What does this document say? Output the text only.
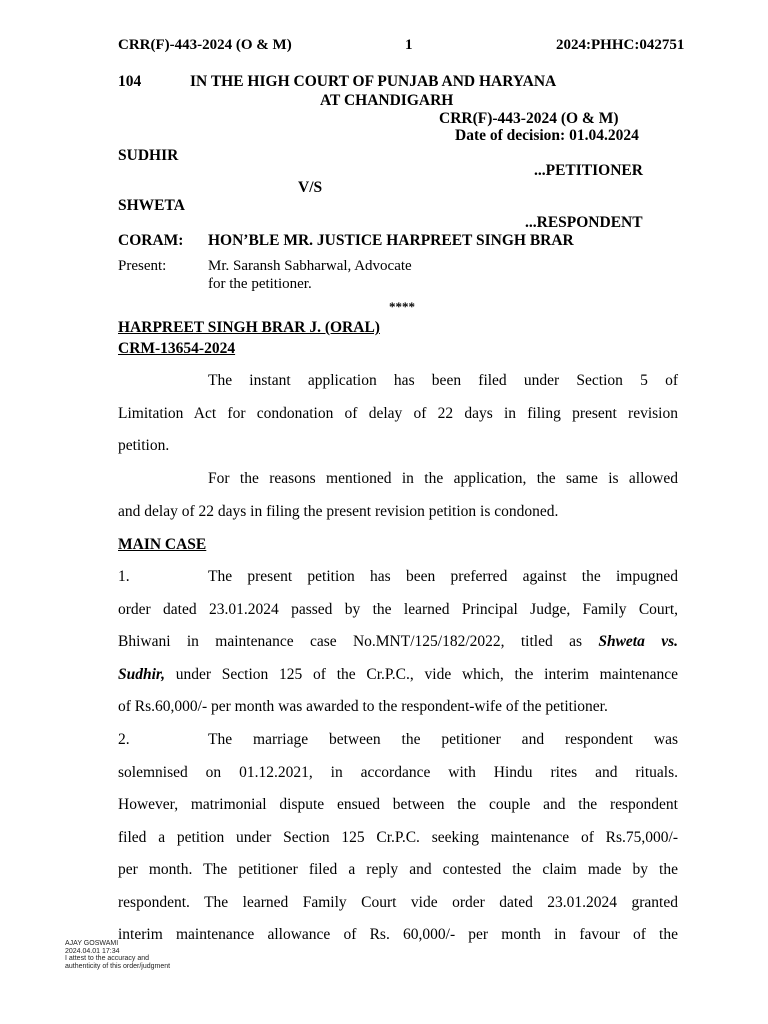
CRR(F)-443-2024 (O & M)	1	2024:PHHC:042751
104	IN THE HIGH COURT OF PUNJAB AND HARYANA
AT CHANDIGARH
CRR(F)-443-2024 (O & M)
Date of decision: 01.04.2024
SUDHIR
...PETITIONER
V/S
SHWETA
...RESPONDENT
CORAM: HON’BLE MR. JUSTICE HARPREET SINGH BRAR
Present:	Mr. Saransh Sabharwal, Advocate
for the petitioner.
****
HARPREET SINGH BRAR J. (ORAL)
CRM-13654-2024
The instant application has been filed under Section 5 of
Limitation Act for condonation of delay of 22 days in filing present revision
petition.
For the reasons mentioned in the application, the same is allowed
and delay of 22 days in filing the present revision petition is condoned.
MAIN CASE
1.	The present petition has been preferred against the impugned
order dated 23.01.2024 passed by the learned Principal Judge, Family Court,
Bhiwani in maintenance case No.MNT/125/182/2022, titled as Shweta vs.
Sudhir, under Section 125 of the Cr.P.C., vide which, the interim maintenance
of Rs.60,000/- per month was awarded to the respondent-wife of the petitioner.
2.	The marriage between the petitioner and respondent was
solemnised on 01.12.2021, in accordance with Hindu rites and rituals.
However, matrimonial dispute ensued between the couple and the respondent
filed a petition under Section 125 Cr.P.C. seeking maintenance of Rs.75,000/-
per month. The petitioner filed a reply and contested the claim made by the
respondent. The learned Family Court vide order dated 23.01.2024 granted
interim maintenance allowance of Rs. 60,000/- per month in favour of the
AJAY GOSWAMI
2024.04.01 17:34
I attest to the accuracy and
authenticity of this order/judgment
